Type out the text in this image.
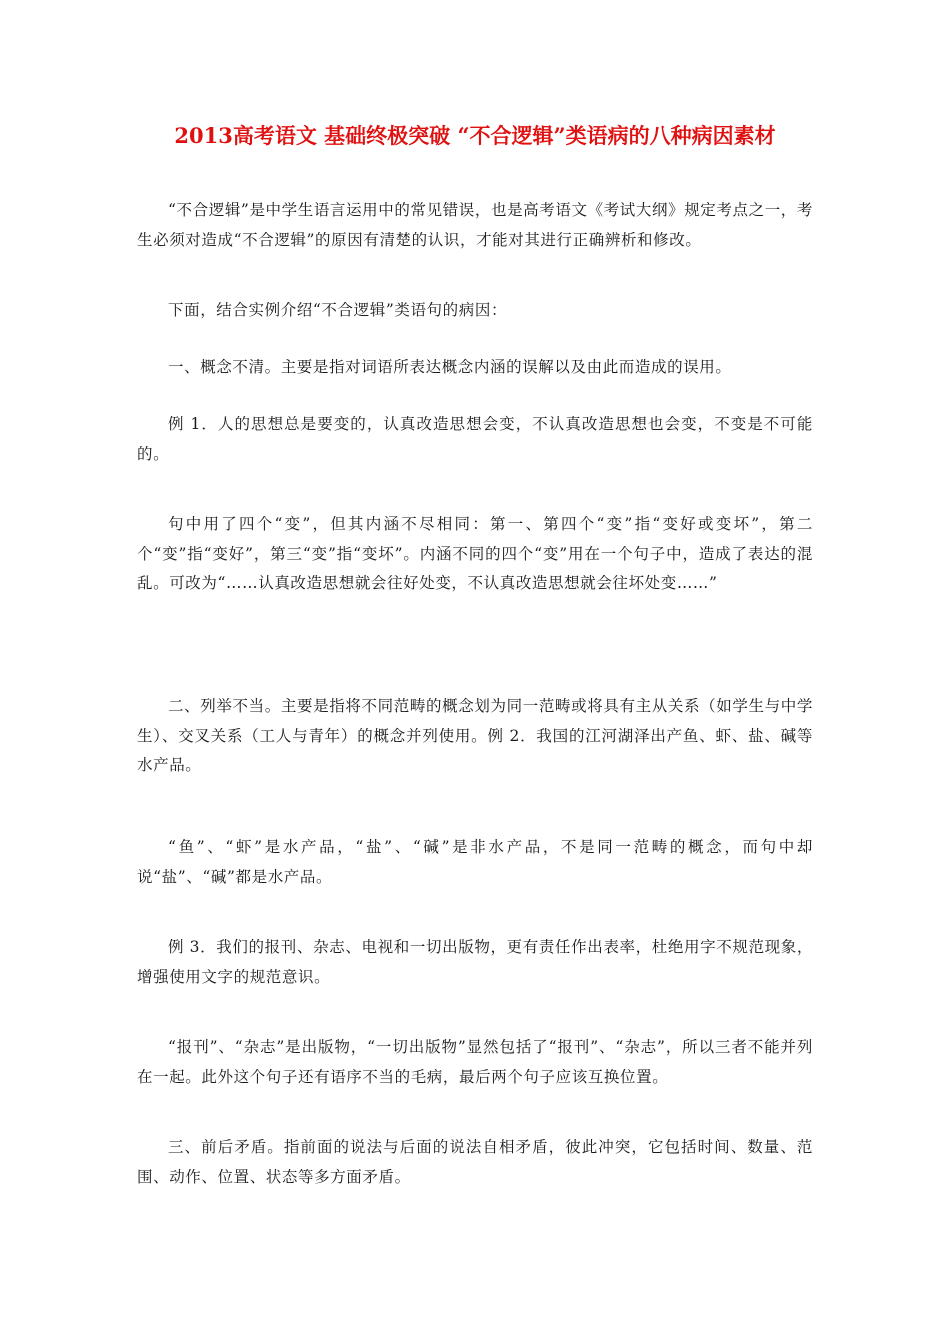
2013高考语文 基础终极突破 “不合逻辑”类语病的八种病因素材

“不合逻辑”是中学生语言运用中的常见错误，也是高考语文《考试大纲》规定考点之一，考生必须对造成“不合逻辑”的原因有清楚的认识，才能对其进行正确辨析和修改。

下面，结合实例介绍“不合逻辑”类语句的病因：

一、概念不清。主要是指对词语所表达概念内涵的误解以及由此而造成的误用。

例 1．人的思想总是要变的，认真改造思想会变，不认真改造思想也会变，不变是不可能的。

句中用了四个“变”，但其内涵不尽相同：第一、第四个“变”指“变好或变坏”，第二个“变”指“变好”，第三“变”指“变坏”。内涵不同的四个“变”用在一个句子中，造成了表达的混乱。可改为“……认真改造思想就会往好处变，不认真改造思想就会往坏处变……”

二、列举不当。主要是指将不同范畴的概念划为同一范畴或将具有主从关系（如学生与中学生）、交叉关系（工人与青年）的概念并列使用。例 2．我国的江河湖泽出产鱼、虾、盐、碱等水产品。

“鱼”、“虾”是水产品，“盐”、“碱”是非水产品，不是同一范畴的概念，而句中却说“盐”、“碱”都是水产品。

例 3．我们的报刊、杂志、电视和一切出版物，更有责任作出表率，杜绝用字不规范现象，增强使用文字的规范意识。

“报刊”、“杂志”是出版物，“一切出版物”显然包括了“报刊”、“杂志”，所以三者不能并列在一起。此外这个句子还有语序不当的毛病，最后两个句子应该互换位置。

三、前后矛盾。指前面的说法与后面的说法自相矛盾，彼此冲突，它包括时间、数量、范围、动作、位置、状态等多方面矛盾。
